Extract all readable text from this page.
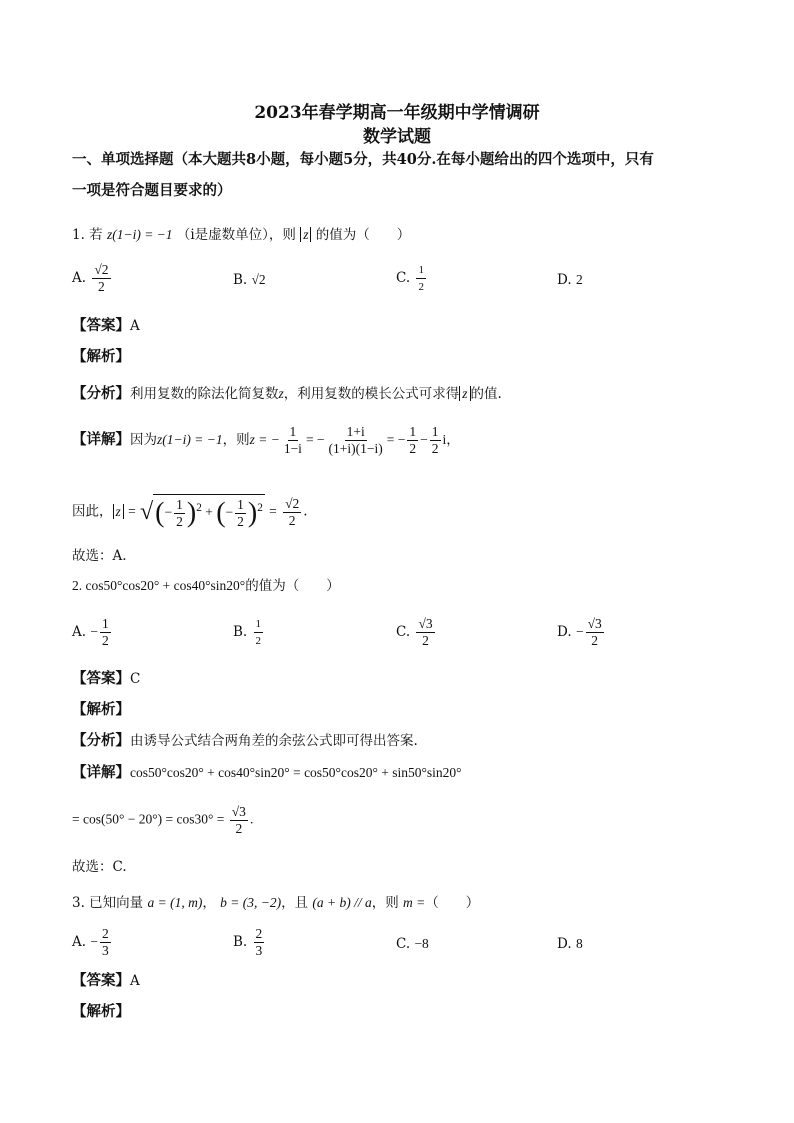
2023年春学期高一年级期中学情调研
数学试题
一、单项选择题（本大题共8小题，每小题5分，共40分.在每小题给出的四个选项中，只有
一项是符合题目要求的）
1. 若 z(1−i) = −1 （i是虚数单位），则 z 的值为（　　）
A. $\frac{√2}{2}$	B. √2	C. $\frac{1}{2}$	D. 2
【答案】A
【解析】
【分析】利用复数的除法化简复数z，利用复数的模长公式可求得 z 的值.
【详解】因为z(1−i) = −1，则z = − $\frac{1}{1-i}$ = − $\frac{1+i}{(1+i)(1-i)}$ = − $\frac{1}{2} - \frac{1}{2}$ i，
因此， z = √(− $\frac{1}{2} )^2$ + (− $\frac{1}{2} )^2 = \frac{√2}{2}$ .
故选：A.
2. cos50°cos20° + cos40°sin20°的值为（　　）
A. − $\frac{1}{2}$	B. $\frac{1}{2}$	C. $\frac{√3}{2}$	D. − $\frac{√3}{2}$
【答案】C
【解析】
【分析】由诱导公式结合两角差的余弦公式即可得出答案.
【详解】cos50°cos20° + cos40°sin20° = cos50°cos20° + sin50°sin20°
= $\cos(50^\circ - 20^\circ) = \cos 30^\circ = \frac{√3}{2}$ .
故选：C.
3. 已知向量 a = (1, m)， b = (3, −2)，且 (a + b) // a，则 m =（　　）
A. − $\frac{2}{3}$	B. $\frac{2}{3}$	C. −8	D. 8
【答案】A
【解析】
